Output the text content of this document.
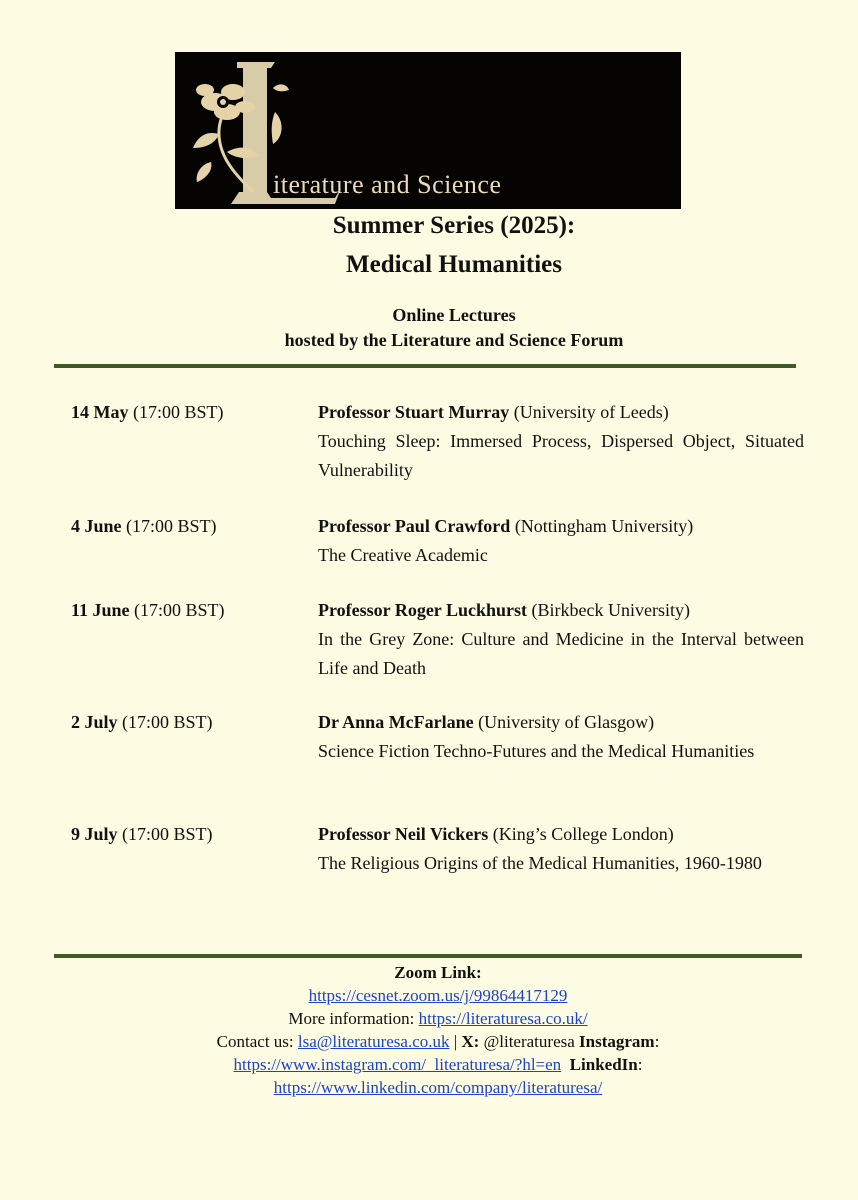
iterature and Science
Summer Series (2025):
Medical Humanities
Online Lectures
hosted by the Literature and Science Forum
14 May (17:00 BST)	Professor Stuart Murray (University of Leeds)
Touching Sleep: Immersed Process, Dispersed Object, Situated Vulnerability
4 June (17:00 BST)	Professor Paul Crawford (Nottingham University)
The Creative Academic
11 June (17:00 BST)	Professor Roger Luckhurst (Birkbeck University)
In the Grey Zone: Culture and Medicine in the Interval between Life and Death
2 July (17:00 BST)	Dr Anna McFarlane (University of Glasgow)
Science Fiction Techno-Futures and the Medical Humanities
9 July (17:00 BST)	Professor Neil Vickers (King’s College London)
The Religious Origins of the Medical Humanities, 1960-1980
Zoom Link:
https://cesnet.zoom.us/j/99864417129
More information: https://literaturesa.co.uk/
Contact us: lsa@literaturesa.co.uk | X: @literaturesa Instagram:
https://www.instagram.com/_literaturesa/?hl=en LinkedIn:
https://www.linkedin.com/company/literaturesa/
